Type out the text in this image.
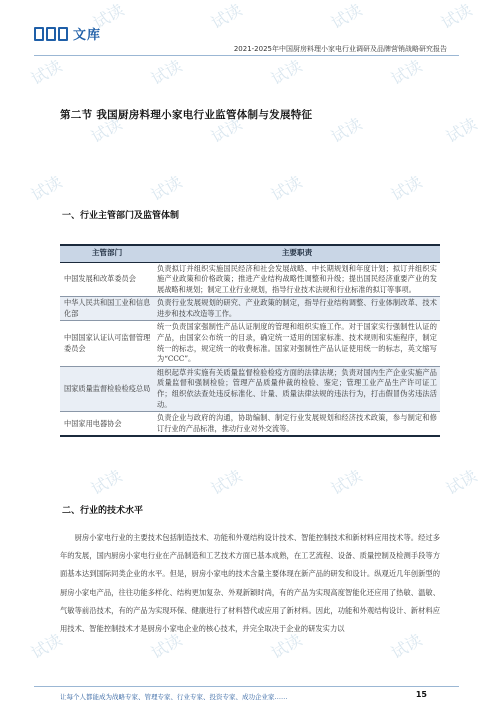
试读	试读	试读	试读
试读	试读	试读	试读
试读	试读	试读	试读
试读	试读	试读	试读
试读	试读	试读	试读
试读	试读	试读	试读
文库
2021-2025年中国厨房料理小家电行业调研及品牌营销战略研究报告
第二节 我国厨房料理小家电行业监管体制与发展特征
一、行业主管部门及监管体制
主管部门	主要职责
中国发展和改革委员会	负责拟订并组织实施国民经济和社会发展战略、中长期规划和年度计划；拟订并组织实施产业政策和价格政策；推进产业结构战略性调整和升级；提出国民经济重要产业的发展战略和规划；制定工业行业规划，指导行业技术法规和行业标准的拟订等事项。
中华人民共和国工业和信息化部	负责行业发展规划的研究、产业政策的制定，指导行业结构调整、行业体制改革、技术进步和技术改造等工作。
中国国家认证认可监督管理委员会	统一负责国家强制性产品认证制度的管理和组织实施工作。对于国家实行强制性认证的产品，由国家公布统一的目录，确定统一适用的国家标准、技术规则和实施程序，制定统一的标志，规定统一的收费标准。国家对强制性产品认证使用统一的标志，英文缩写为“CCC”。
国家质量监督检验检疫总局	组织起草并实施有关质量监督检验检疫方面的法律法规；负责对国内生产企业实施产品质量监督和强制检验；管理产品质量仲裁的检验、鉴定；管理工业产品生产许可证工作；组织依法查处违反标准化、计量、质量法律法规的违法行为，打击假冒伪劣违法活动。
中国家用电器协会	负责企业与政府的沟通，协助编制、制定行业发展规划和经济技术政策，参与制定和修订行业的产品标准，推动行业对外交流等。
二、行业的技术水平

厨房小家电行业的主要技术包括制造技术、功能和外观结构设计技术、智能控制技术和新材料应用技术等。经过多年的发展，国内厨房小家电行业在产品制造和工艺技术方面已基本成熟，在工艺流程、设备、质量控制及检测手段等方面基本达到国际同类企业的水平。但是，厨房小家电的技术含量主要体现在新产品的研发和设计。纵观近几年创新型的厨房小家电产品，往往功能多样化、结构更加复杂、外观新颖时尚，有的产品为实现高度智能化还应用了热敏、温敏、气敏等前沿技术，有的产品为实现环保、健康进行了材料替代或应用了新材料。因此，功能和外观结构设计、新材料应用技术、智能控制技术才是厨房小家电企业的核心技术，并完全取决于企业的研发实力以

让每个人都能成为战略专家、管理专家、行业专家、投资专家、成功企业家……	15
